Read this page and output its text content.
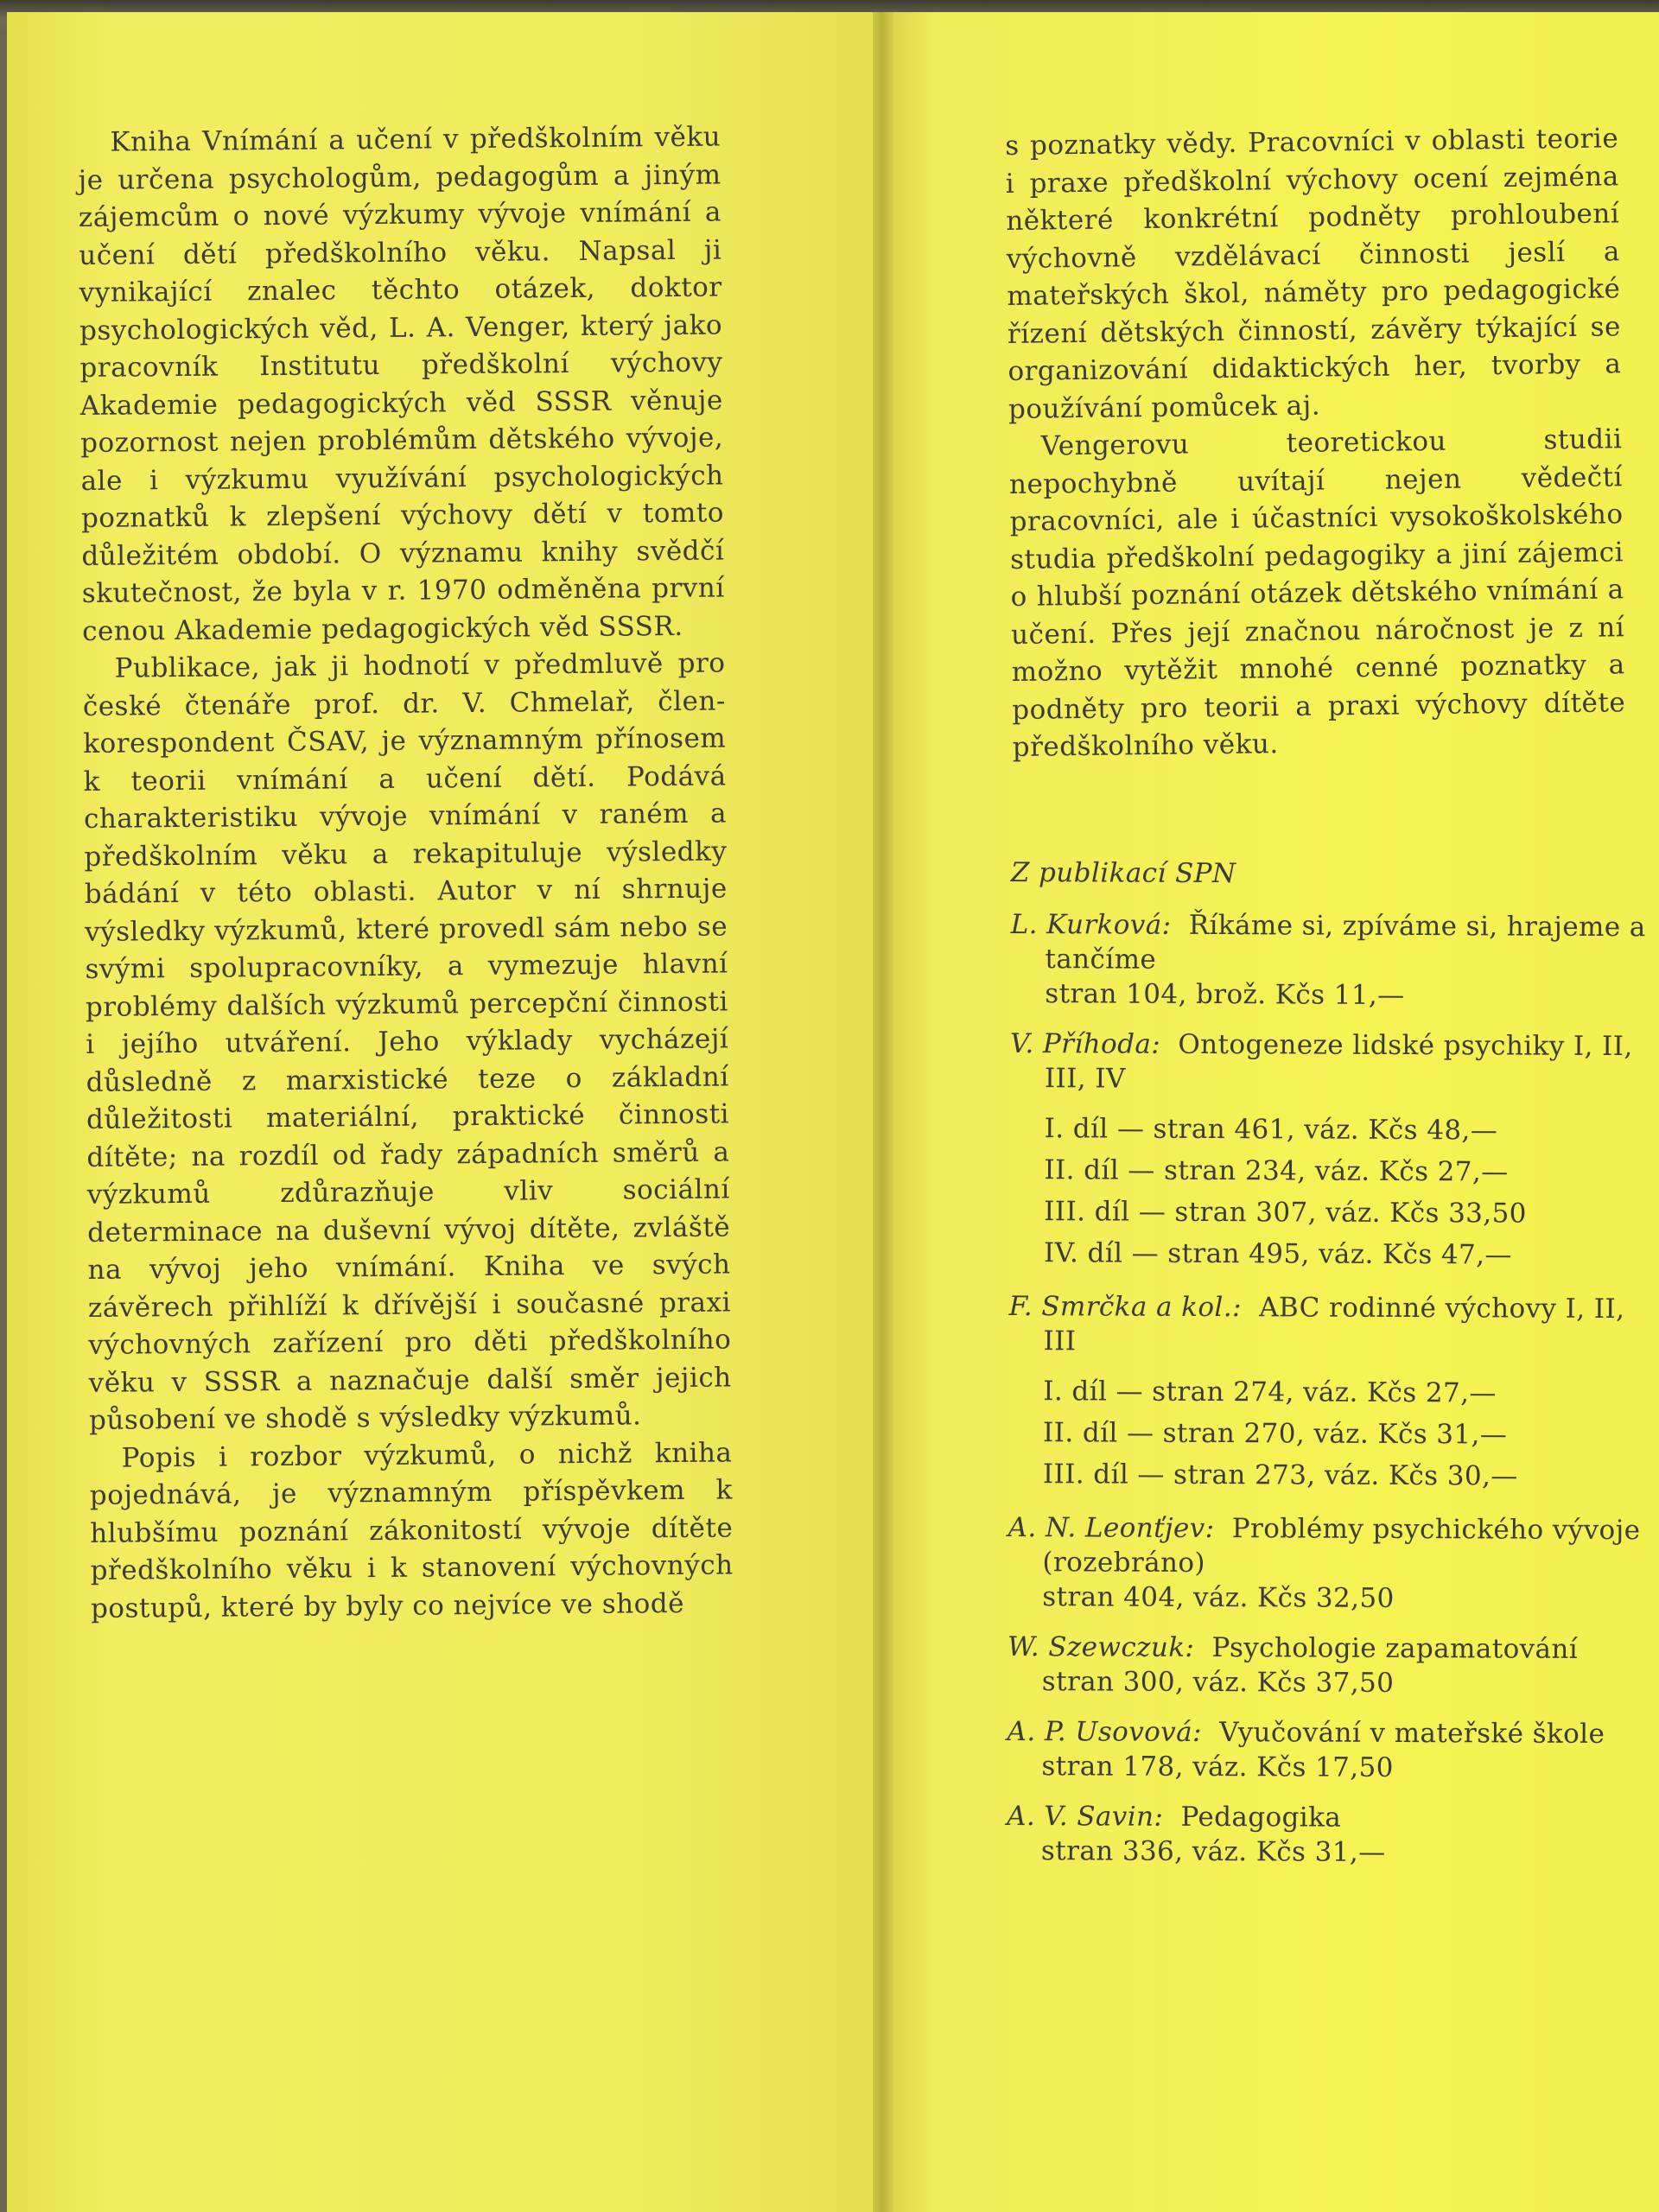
Kniha Vnímání a učení v předškolním věku je určena psychologům, pedagogům a jiným zájemcům o nové výzkumy vývoje vnímání a učení dětí předškolního věku. Napsal ji vynikající znalec těchto otázek, doktor psychologických věd, L. A. Venger, který jako pracovník Institutu předškolní výchovy Akademie pedagogických věd SSSR věnuje pozornost nejen problémům dětského vývoje, ale i výzkumu využívání psychologických poznatků k zlepšení výchovy dětí v tomto důležitém období. O významu knihy svědčí skutečnost, že byla v r. 1970 odměněna první cenou Akademie pedagogických věd SSSR.

Publikace, jak ji hodnotí v předmluvě pro české čtenáře prof. dr. V. Chmelař, člen-korespondent ČSAV, je významným přínosem k teorii vnímání a učení dětí. Podává charakteristiku vývoje vnímání v raném a předškolním věku a rekapituluje výsledky bádání v této oblasti. Autor v ní shrnuje výsledky výzkumů, které provedl sám nebo se svými spolupracovníky, a vymezuje hlavní problémy dalších výzkumů percepční činnosti i jejího utváření. Jeho výklady vycházejí důsledně z marxistické teze o základní důležitosti materiální, praktické činnosti dítěte; na rozdíl od řady západních směrů a výzkumů zdůrazňuje vliv sociální determinace na duševní vývoj dítěte, zvláště na vývoj jeho vnímání. Kniha ve svých závěrech přihlíží k dřívější i současné praxi výchovných zařízení pro děti předškolního věku v SSSR a naznačuje další směr jejich působení ve shodě s výsledky výzkumů.

Popis i rozbor výzkumů, o nichž kniha pojednává, je významným příspěvkem k hlubšímu poznání zákonitostí vývoje dítěte předškolního věku i k stanovení výchovných postupů, které by byly co nejvíce ve shodě

s poznatky vědy. Pracovníci v oblasti teorie i praxe předškolní výchovy ocení zejména některé konkrétní podněty prohloubení výchovně vzdělávací činnosti jeslí a mateřských škol, náměty pro pedagogické řízení dětských činností, závěry týkající se organizování didaktických her, tvorby a používání pomůcek aj.

Vengerovu teoretickou studii nepochybně uvítají nejen vědečtí pracovníci, ale i účastníci vysokoškolského studia předškolní pedagogiky a jiní zájemci o hlubší poznání otázek dětského vnímání a učení. Přes její značnou náročnost je z ní možno vytěžit mnohé cenné poznatky a podněty pro teorii a praxi výchovy dítěte předškolního věku.

Z publikací SPN
L. Kurková: Říkáme si, zpíváme si, hrajeme a tančíme
stran 104, brož. Kčs 11,—
V. Příhoda: Ontogeneze lidské psychiky I, II, III, IV
I. díl — stran 461, váz. Kčs 48,—
II. díl — stran 234, váz. Kčs 27,—
III. díl — stran 307, váz. Kčs 33,50
IV. díl — stran 495, váz. Kčs 47,—
F. Smrčka a kol.: ABC rodinné výchovy I, II, III
I. díl — stran 274, váz. Kčs 27,—
II. díl — stran 270, váz. Kčs 31,—
III. díl — stran 273, váz. Kčs 30,—
A. N. Leonťjev: Problémy psychického vývoje (rozebráno)
stran 404, váz. Kčs 32,50
W. Szewczuk: Psychologie zapamatování
stran 300, váz. Kčs 37,50
A. P. Usovová: Vyučování v mateřské škole
stran 178, váz. Kčs 17,50
A. V. Savin: Pedagogika
stran 336, váz. Kčs 31,—
